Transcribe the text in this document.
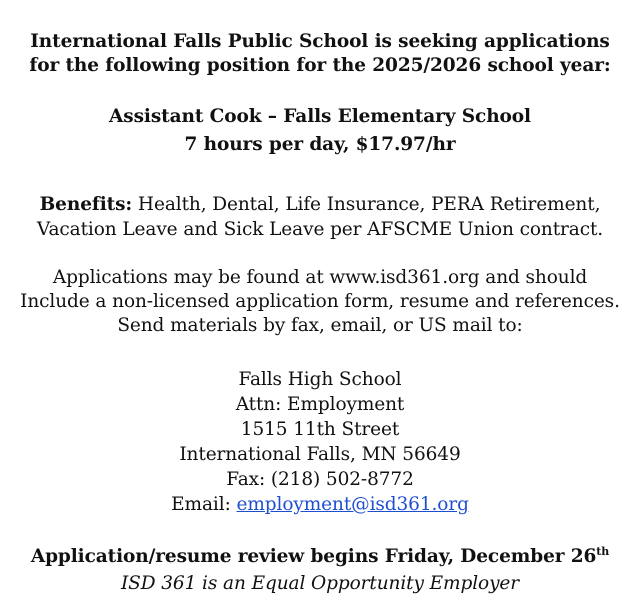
International Falls Public School is seeking applications
for the following position for the 2025/2026 school year:
Assistant Cook – Falls Elementary School
7 hours per day, $17.97/hr
Benefits: Health, Dental, Life Insurance, PERA Retirement,
Vacation Leave and Sick Leave per AFSCME Union contract.
Applications may be found at www.isd361.org and should
Include a non-licensed application form, resume and references.
Send materials by fax, email, or US mail to:
Falls High School
Attn: Employment
1515 11th Street
International Falls, MN 56649
Fax: (218) 502-8772
Email: employment@isd361.org
Application/resume review begins Friday, December 26th
ISD 361 is an Equal Opportunity Employer
